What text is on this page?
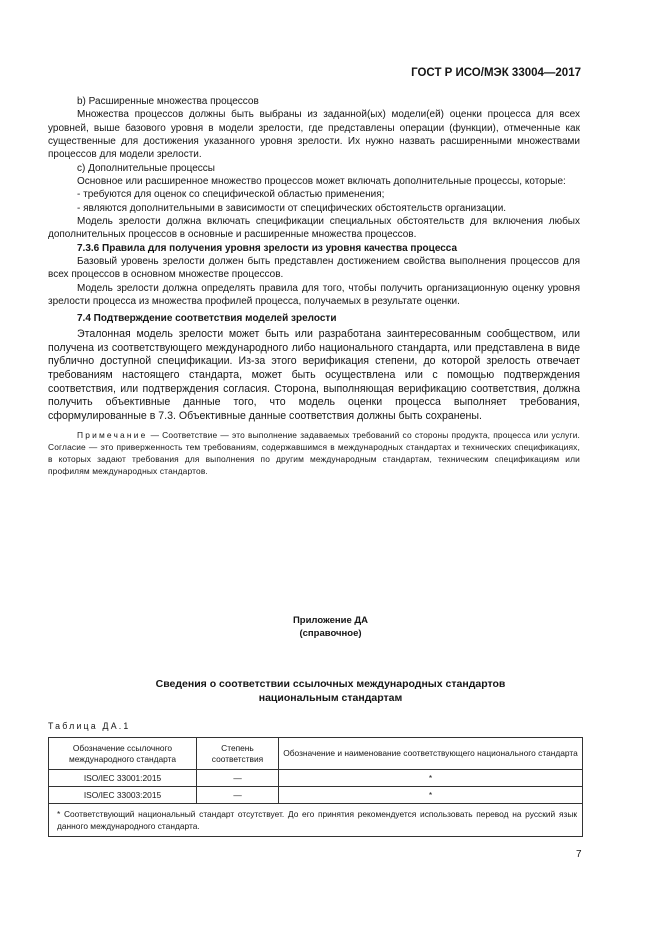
ГОСТ Р ИСО/МЭК 33004—2017

b) Расширенные множества процессов

Множества процессов должны быть выбраны из заданной(ых) модели(ей) оценки процесса для всех уровней, выше базового уровня в модели зрелости, где представлены операции (функции), отмеченные как существенные для достижения указанного уровня зрелости. Их нужно назвать расширенными множествами процессов для модели зрелости.

c) Дополнительные процессы

Основное или расширенное множество процессов может включать дополнительные процессы, которые:

- требуются для оценок со специфической областью применения;

- являются дополнительными в зависимости от специфических обстоятельств организации.

Модель зрелости должна включать спецификации специальных обстоятельств для включения любых дополнительных процессов в основные и расширенные множества процессов.

7.3.6 Правила для получения уровня зрелости из уровня качества процесса

Базовый уровень зрелости должен быть представлен достижением свойства выполнения процессов для всех процессов в основном множестве процессов.

Модель зрелости должна определять правила для того, чтобы получить организационную оценку уровня зрелости процесса из множества профилей процесса, получаемых в результате оценки.

7.4 Подтверждение соответствия моделей зрелости

Эталонная модель зрелости может быть или разработана заинтересованным сообществом, или получена из соответствующего международного либо национального стандарта, или представлена в виде публично доступной спецификации. Из-за этого верификация степени, до которой зрелость отвечает требованиям настоящего стандарта, может быть осуществлена или с помощью подтверждения соответствия, или подтверждения согласия. Сторона, выполняющая верификацию соответствия, должна получить объективные данные того, что модель оценки процесса выполняет требования, сформулированные в 7.3. Объективные данные соответствия должны быть сохранены.

Примечание — Соответствие — это выполнение задаваемых требований со стороны продукта, процесса или услуги. Согласие — это приверженность тем требованиям, содержавшимся в международных стандартах и технических спецификациях, в которых задают требования для выполнения по другим международным стандартам, техническим спецификациям или профилям международных стандартов.

Приложение ДА
(справочное)
Сведения о соответствии ссылочных международных стандартов
национальным стандартам
Таблица ДА.1
Обозначение ссылочного международного стандарта	Степень соответствия	Обозначение и наименование соответствующего национального стандарта
ISO/IEC 33001:2015	—	*
ISO/IEC 33003:2015	—	*
* Соответствующий национальный стандарт отсутствует. До его принятия рекомендуется использовать перевод на русский язык данного международного стандарта.		
7
